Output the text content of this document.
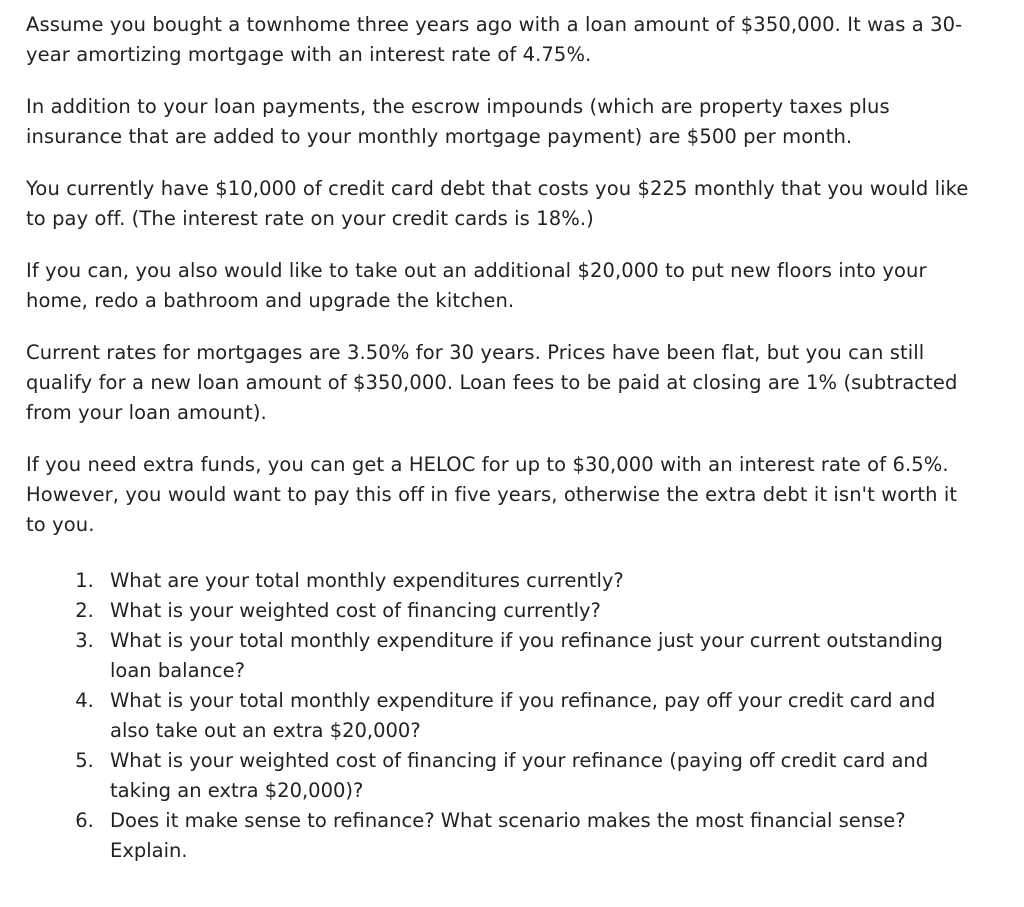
Assume you bought a townhome three years ago with a loan amount of $350,000. It was a 30-year amortizing mortgage with an interest rate of 4.75%.

In addition to your loan payments, the escrow impounds (which are property taxes plus insurance that are added to your monthly mortgage payment) are $500 per month.

You currently have $10,000 of credit card debt that costs you $225 monthly that you would like to pay off. (The interest rate on your credit cards is 18%.)

If you can, you also would like to take out an additional $20,000 to put new floors into your home, redo a bathroom and upgrade the kitchen.

Current rates for mortgages are 3.50% for 30 years. Prices have been flat, but you can still qualify for a new loan amount of $350,000. Loan fees to be paid at closing are 1% (subtracted from your loan amount).

If you need extra funds, you can get a HELOC for up to $30,000 with an interest rate of 6.5%. However, you would want to pay this off in five years, otherwise the extra debt it isn't worth it to you.

1. What are your total monthly expenditures currently?
2. What is your weighted cost of financing currently?
3. What is your total monthly expenditure if you refinance just your current outstanding loan balance?
4. What is your total monthly expenditure if you refinance, pay off your credit card and also take out an extra $20,000?
5. What is your weighted cost of financing if your refinance (paying off credit card and taking an extra $20,000)?
6. Does it make sense to refinance? What scenario makes the most financial sense? Explain.
